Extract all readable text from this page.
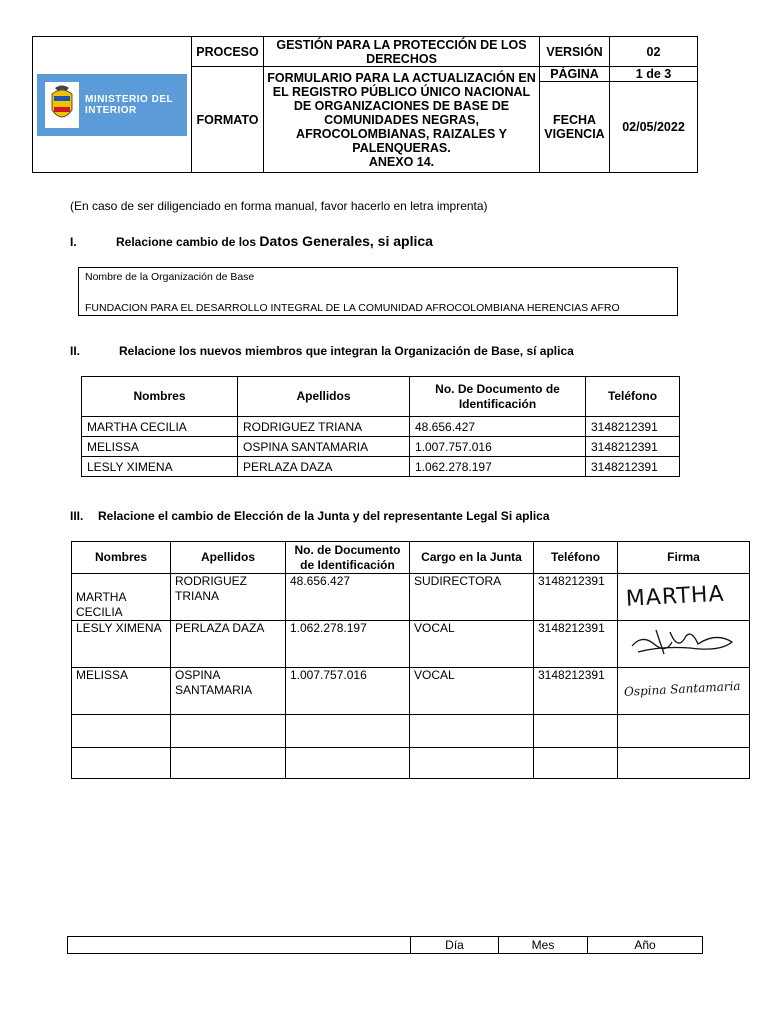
MINISTERIO DEL INTERIOR	PROCESO	GESTIÓN PARA LA PROTECCIÓN DE LOS DERECHOS	VERSIÓN	02
	FORMATO	FORMULARIO PARA LA ACTUALIZACIÓN EN EL REGISTRO PÚBLICO ÚNICO NACIONAL DE ORGANIZACIONES DE BASE DE COMUNIDADES NEGRAS, AFROCOLOMBIANAS, RAIZALES Y PALENQUERAS.
ANEXO 14.	PÁGINA	1 de 3
			FECHA VIGENCIA	02/05/2022
(En caso de ser diligenciado en forma manual, favor hacerlo en letra imprenta)
I.	Relacione cambio de los Datos Generales, si aplica
Nombre de la Organización de Base
FUNDACION PARA EL DESARROLLO INTEGRAL DE LA COMUNIDAD AFROCOLOMBIANA HERENCIAS AFRO
II.	Relacione los nuevos miembros que integran la Organización de Base, sí aplica
Nombres	Apellidos	No. De Documento de Identificación	Teléfono
MARTHA CECILIA	RODRIGUEZ TRIANA	48.656.427	3148212391
MELISSA	OSPINA SANTAMARIA	1.007.757.016	3148212391
LESLY XIMENA	PERLAZA DAZA	1.062.278.197	3148212391
III. Relacione el cambio de Elección de la Junta y del representante Legal Si aplica
Nombres	Apellidos	No. de Documento de Identificación	Cargo en la Junta	Teléfono	Firma
MARTHA CECILIA	RODRIGUEZ TRIANA	48.656.427	SUDIRECTORA	3148212391	MARTHA

LESLY XIMENA	PERLAZA DAZA	1.062.278.197	VOCAL	3148212391	
MELISSA	OSPINA SANTAMARIA	1.007.757.016	VOCAL	3148212391	Ospina Santamaria

	Día	Mes	Año
